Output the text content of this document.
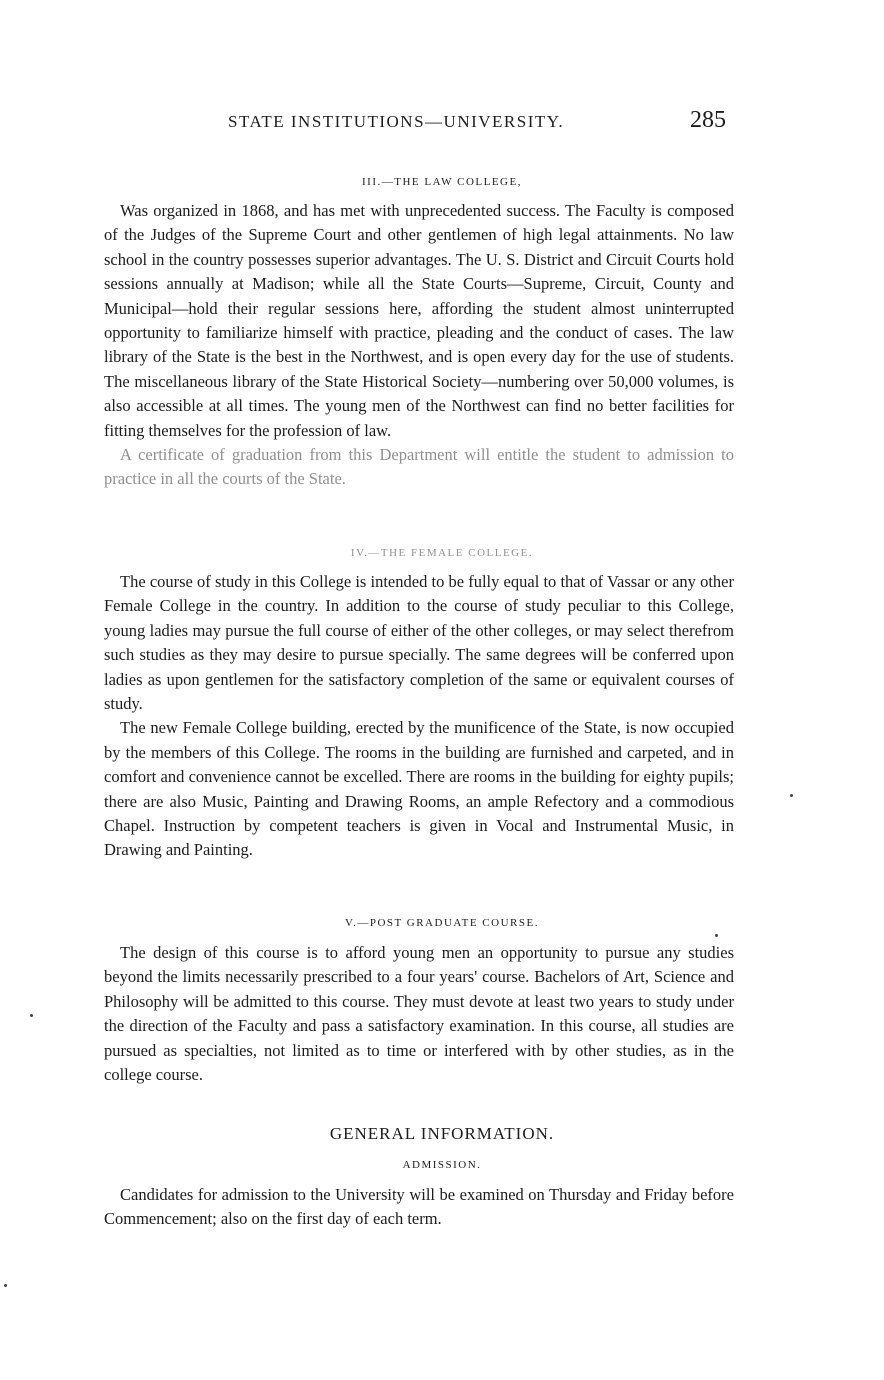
STATE INSTITUTIONS—UNIVERSITY.	285
III.—THE LAW COLLEGE,

Was organized in 1868, and has met with unprecedented success. The Faculty is composed of the Judges of the Supreme Court and other gentlemen of high legal attainments. No law school in the country possesses superior advantages. The U. S. District and Circuit Courts hold sessions annually at Madison; while all the State Courts—Supreme, Circuit, County and Municipal—hold their regular sessions here, affording the student almost uninterrupted opportunity to familiarize himself with practice, pleading and the conduct of cases. The law library of the State is the best in the Northwest, and is open every day for the use of students. The miscellaneous library of the State Historical Society—numbering over 50,000 volumes, is also accessible at all times. The young men of the Northwest can find no better facilities for fitting themselves for the profession of law.

A certificate of graduation from this Department will entitle the student to admission to practice in all the courts of the State.

IV.—THE FEMALE COLLEGE.

The course of study in this College is intended to be fully equal to that of Vassar or any other Female College in the country. In addition to the course of study peculiar to this College, young ladies may pursue the full course of either of the other colleges, or may select therefrom such studies as they may desire to pursue specially. The same degrees will be conferred upon ladies as upon gentlemen for the satisfactory completion of the same or equivalent courses of study.

The new Female College building, erected by the munificence of the State, is now occupied by the members of this College. The rooms in the building are furnished and carpeted, and in comfort and convenience cannot be excelled. There are rooms in the building for eighty pupils; there are also Music, Painting and Drawing Rooms, an ample Refectory and a commodious Chapel. Instruction by competent teachers is given in Vocal and Instrumental Music, in Drawing and Painting.

V.—POST GRADUATE COURSE.

The design of this course is to afford young men an opportunity to pursue any studies beyond the limits necessarily prescribed to a four years' course. Bachelors of Art, Science and Philosophy will be admitted to this course. They must devote at least two years to study under the direction of the Faculty and pass a satisfactory examination. In this course, all studies are pursued as specialties, not limited as to time or interfered with by other studies, as in the college course.

GENERAL INFORMATION.
ADMISSION.

Candidates for admission to the University will be examined on Thursday and Friday before Commencement; also on the first day of each term.
